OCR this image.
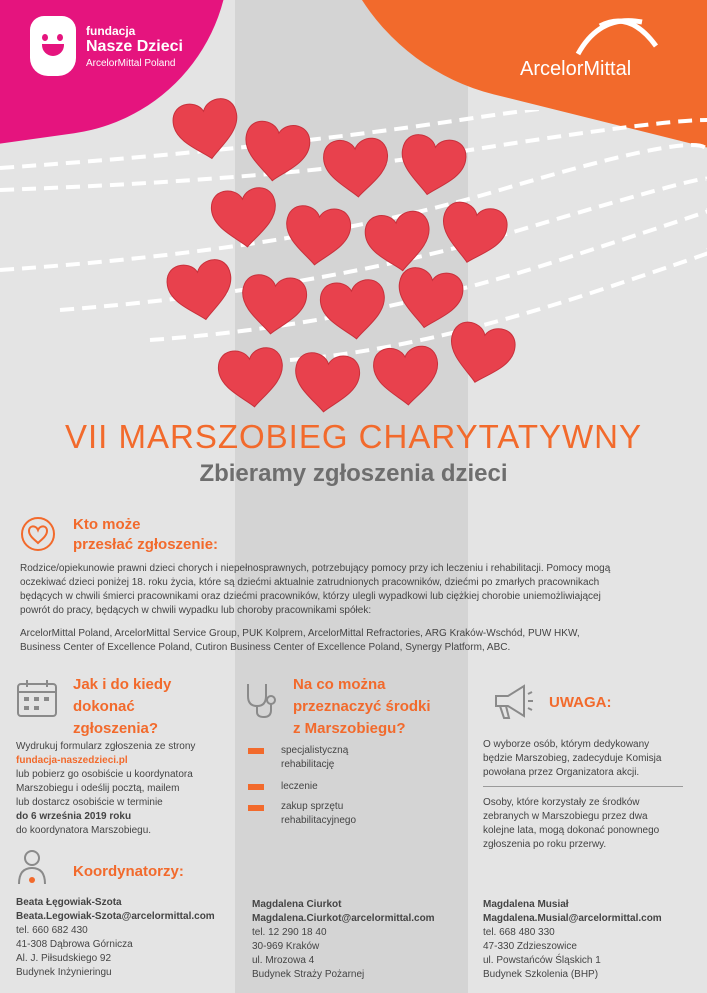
fundacja
Nasze Dzieci
ArcelorMittal Poland	ArcelorMittal
VII MARSZOBIEG CHARYTATYWNY
Zbieramy zgłoszenia dzieci
Kto może
przesłać zgłoszenie:
Rodzice/opiekunowie prawni dzieci chorych i niepełnosprawnych, potrzebujący pomocy przy ich leczeniu i rehabilitacji. Pomocy mogą
oczekiwać dzieci poniżej 18. roku życia, które są dziećmi aktualnie zatrudnionych pracowników, dziećmi po zmarłych pracownikach
będących w chwili śmierci pracownikami oraz dziećmi pracowników, którzy ulegli wypadkowi lub ciężkiej chorobie uniemożliwiającej
powrót do pracy, będących w chwili wypadku lub choroby pracownikami spółek:
ArcelorMittal Poland, ArcelorMittal Service Group, PUK Kolprem, ArcelorMittal Refractories, ARG Kraków-Wschód, PUW HKW,
Business Center of Excellence Poland, Cutiron Business Center of Excellence Poland, Synergy Platform, ABC.
Jak i do kiedy
dokonać
zgłoszenia?
Wydrukuj formularz zgłoszenia ze strony
fundacja-naszedzieci.pl
lub pobierz go osobiście u koordynatora
Marszobiegu i odeślij pocztą, mailem
lub dostarcz osobiście w terminie
do 6 września 2019 roku
do koordynatora Marszobiegu.
Na co można
przeznaczyć środki
z Marszobiegu?
specjalistyczną
rehabilitację
leczenie
zakup sprzętu
rehabilitacyjnego
UWAGA:
O wyborze osób, którym dedykowany
będzie Marszobieg, zadecyduje Komisja
powołana przez Organizatora akcji.
Osoby, które korzystały ze środków
zebranych w Marszobiegu przez dwa
kolejne lata, mogą dokonać ponownego
zgłoszenia po roku przerwy.
Koordynatorzy:
Beata Łęgowiak-Szota
Beata.Legowiak-Szota@arcelormittal.com
tel. 660 682 430
41-308 Dąbrowa Górnicza
Al. J. Piłsudskiego 92
Budynek Inżynieringu
Magdalena Ciurkot
Magdalena.Ciurkot@arcelormittal.com
tel. 12 290 18 40
30-969 Kraków
ul. Mrozowa 4
Budynek Straży Pożarnej
Magdalena Musiał
Magdalena.Musial@arcelormittal.com
tel. 668 480 330
47-330 Zdzieszowice
ul. Powstańców Śląskich 1
Budynek Szkolenia (BHP)
